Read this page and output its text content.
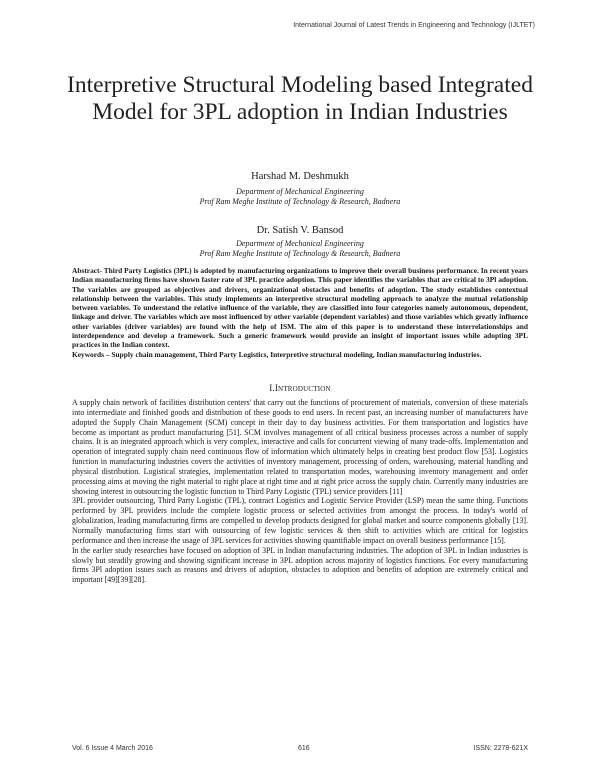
International Journal of Latest Trends in Engineering and Technology (IJLTET)
Interpretive Structural Modeling based Integrated Model for 3PL adoption in Indian Industries
Harshad M. Deshmukh
Department of Mechanical Engineering
Prof Ram Meghe Institute of Technology & Research, Badnera
Dr. Satish V. Bansod
Department of Mechanical Engineering
Prof Ram Meghe Institute of Technology & Research, Badnera
Abstract- Third Party Logistics (3PL) is adopted by manufacturing organizations to improve their overall business performance. In recent years Indian manufacturing firms have shown faster rate of 3PL practice adoption. This paper identifies the variables that are critical to 3Pl adoption. The variables are grouped as objectives and drivers, organizational obstacles and benefits of adoption. The study establishes contextual relationship between the variables. This study implements an interpretive structural modeling approach to analyze the mutual relationship between variables. To understand the relative influence of the variable, they are classified into four categories namely autonomous, dependent, linkage and driver. The variables which are most influenced by other variable (dependent variables) and those variables which greatly influence other variables (driver variables) are found with the help of ISM. The aim of this paper is to understand these interrelationships and interdependence and develop a framework. Such a generic framework would provide an insight of important issues while adopting 3PL practices in the Indian context.
Keywords – Supply chain management, Third Party Logistics, Interpretive structural modeling, Indian manufacturing industries.
I.INTRODUCTION

A supply chain network of facilities distribution centers' that carry out the functions of procurement of materials, conversion of these materials into intermediate and finished goods and distribution of these goods to end users. In recent past, an increasing number of manufacturers have adopted the Supply Chain Management (SCM) concept in their day to day business activities. For them transportation and logistics have become as important as product manufacturing [51]. SCM involves management of all critical business processes across a number of supply chains. It is an integrated approach which is very complex, interactive and calls for concurrent viewing of many trade-offs. Implementation and operation of integrated supply chain need continuous flow of information which ultimately helps in creating best product flow [53]. Logistics function in manufacturing industries covers the activities of inventory management, processing of orders, warehousing, material handling and physical distribution. Logistical strategies, implementation related to transportation modes, warehousing inventory management and order processing aims at moving the right material to right place at right time and at right price across the supply chain. Currently many industries are showing interest in outsourcing the logistic function to Third Party Logistic (TPL) service providers [11]

3PL provider outsourcing, Third Party Logistic (TPL), contract Logistics and Logistic Service Provider (LSP) mean the same thing. Functions performed by 3PL providers include the complete logistic process or selected activities from amongst the process. In today's world of globalization, leading manufacturing firms are compelled to develop products designed for global market and source components globally [13]. Normally manufacturing firms start with outsourcing of few logistic services & then shift to activities which are critical for logistics performance and then increase the usage of 3PL services for activities showing quantifiable impact on overall business performance [15].

In the earlier study researches have focused on adoption of 3PL in Indian manufacturing industries. The adoption of 3PL in Indian industries is slowly but steadily growing and showing significant increase in 3PL adoption across majority of logistics functions. For every manufacturing firms 3Pl adoption issues such as reasons and drivers of adoption, obstacles to adoption and benefits of adoption are extremely critical and important [49][39][28].

Vol. 6 Issue 4 March 2016	616	ISSN: 2278-621X
